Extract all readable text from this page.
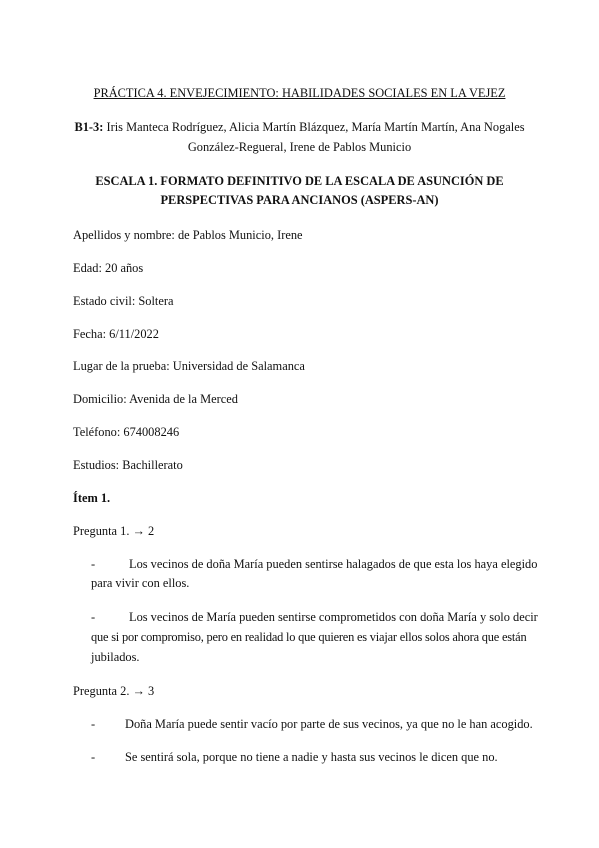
PRÁCTICA 4. ENVEJECIMIENTO: HABILIDADES SOCIALES EN LA VEJEZ
B1-3: Iris Manteca Rodríguez, Alicia Martín Blázquez, María Martín Martín, Ana Nogales
González-Regueral, Irene de Pablos Municio
ESCALA 1. FORMATO DEFINITIVO DE LA ESCALA DE ASUNCIÓN DE
PERSPECTIVAS PARA ANCIANOS (ASPERS-AN)
Apellidos y nombre: de Pablos Municio, Irene
Edad: 20 años
Estado civil: Soltera
Fecha: 6/11/2022
Lugar de la prueba: Universidad de Salamanca
Domicilio: Avenida de la Merced
Teléfono: 674008246
Estudios: Bachillerato
Ítem 1.
Pregunta 1. → 2
-	Los vecinos de doña María pueden sentirse halagados de que esta los haya elegido
para vivir con ellos.
-	Los vecinos de María pueden sentirse comprometidos con doña María y solo decir
que si por compromiso, pero en realidad lo que quieren es viajar ellos solos ahora que están
jubilados.
Pregunta 2. → 3
- Doña María puede sentir vacío por parte de sus vecinos, ya que no le han acogido.
- Se sentirá sola, porque no tiene a nadie y hasta sus vecinos le dicen que no.
